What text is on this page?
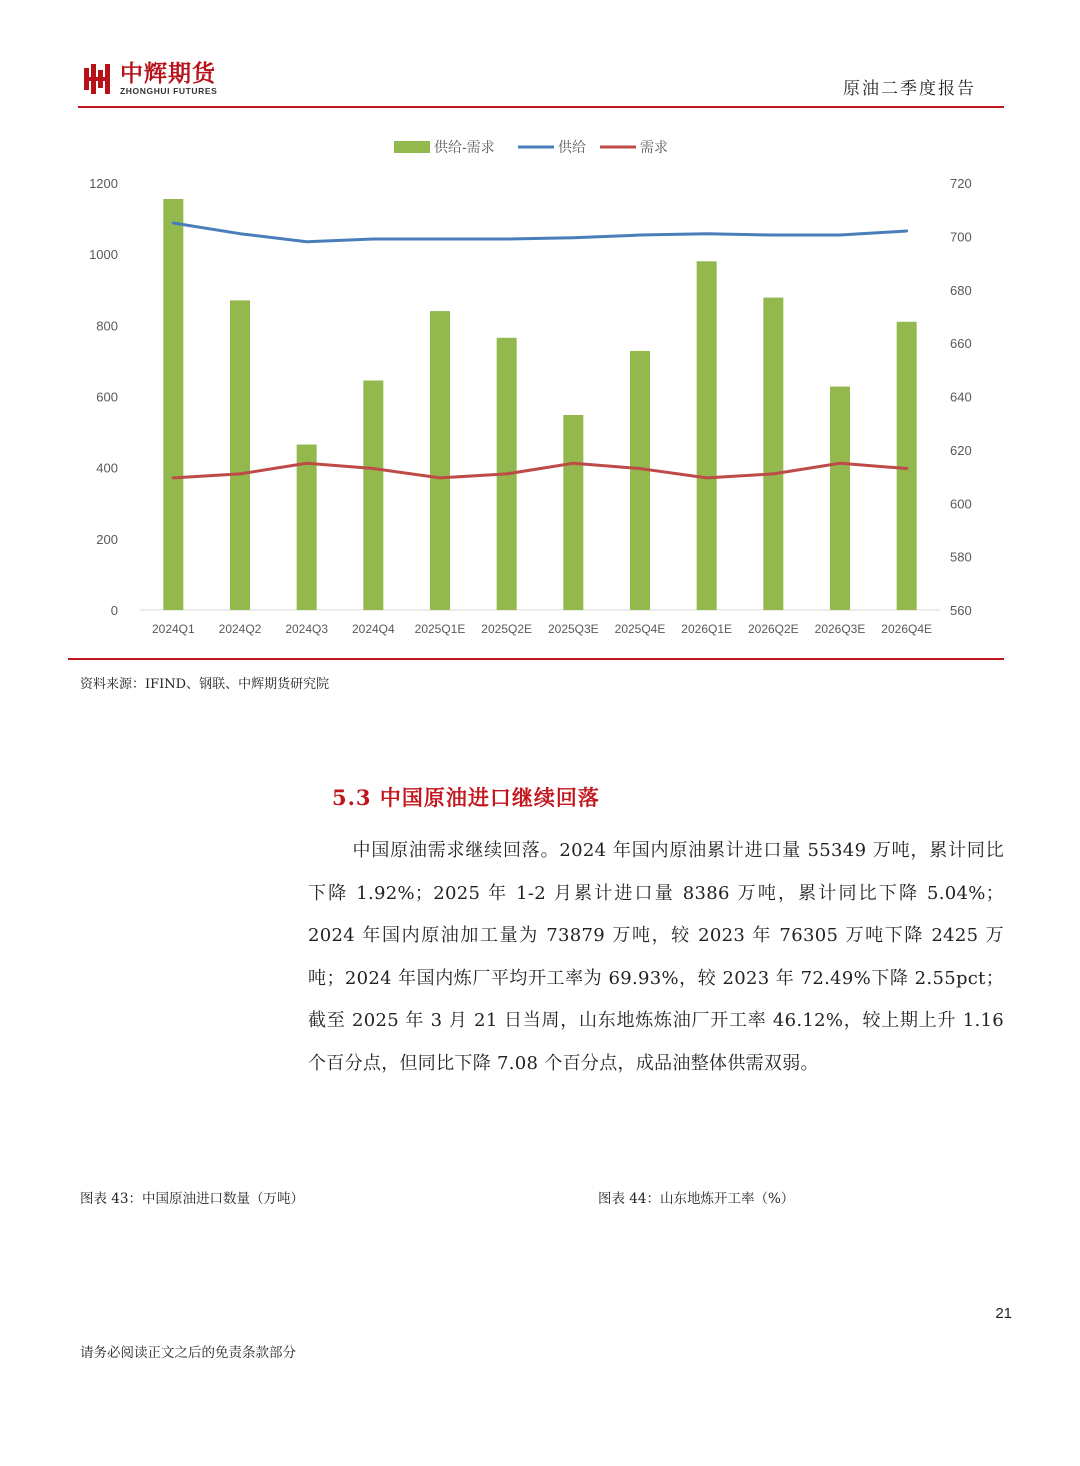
中辉期货
ZHONGHUI FUTURES	原油二季度报告
0
200
400
600
800
1000
1200
560
580
600
620
640
660
680
700
720
2024Q1 2024Q2 2024Q3 2024Q4 2025Q1E 2025Q2E 2025Q3E 2025Q4E 2026Q1E 2026Q2E 2026Q3E 2026Q4E
供给-需求	供给	需求
资料来源：IFIND、钢联、中辉期货研究院
5.3 中国原油进口继续回落
中国原油需求继续回落。2024 年国内原油累计进口量 55349 万吨，累计同比下降 1.92%；2025 年 1-2 月累计进口量 8386 万吨，累计同比下降 5.04%；2024 年国内原油加工量为 73879 万吨，较 2023 年 76305 万吨下降 2425 万吨；2024 年国内炼厂平均开工率为 69.93%，较 2023 年 72.49%下降 2.55pct；截至 2025 年 3 月 21 日当周，山东地炼炼油厂开工率 46.12%，较上期上升 1.16 个百分点，但同比下降 7.08 个百分点，成品油整体供需双弱。
图表 43：中国原油进口数量（万吨）	图表 44：山东地炼开工率（%）
21
请务必阅读正文之后的免责条款部分
